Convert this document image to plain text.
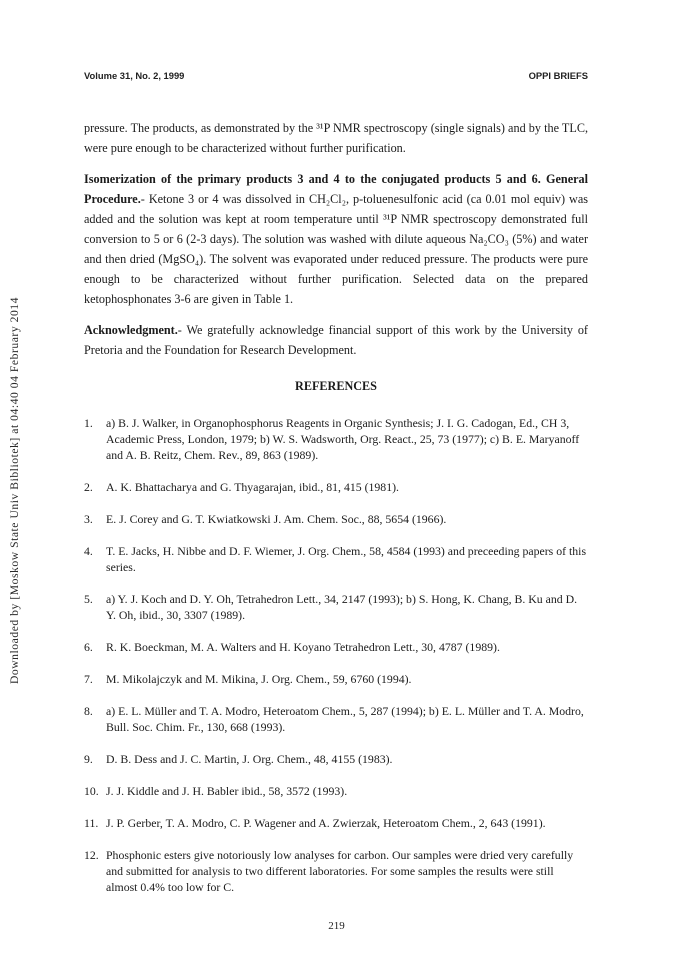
Downloaded by [Moskow State Univ Bibliotek] at 04:40 04 February 2014
Volume 31, No. 2, 1999	OPPI BRIEFS

pressure. The products, as demonstrated by the ³¹P NMR spectroscopy (single signals) and by the TLC, were pure enough to be characterized without further purification.

Isomerization of the primary products 3 and 4 to the conjugated products 5 and 6. General Procedure.- Ketone 3 or 4 was dissolved in CH₂Cl₂, p-toluenesulfonic acid (ca 0.01 mol equiv) was added and the solution was kept at room temperature until ³¹P NMR spectroscopy demonstrated full conversion to 5 or 6 (2-3 days). The solution was washed with dilute aqueous Na₂CO₃ (5%) and water and then dried (MgSO₄). The solvent was evaporated under reduced pressure. The products were pure enough to be characterized without further purification. Selected data on the prepared ketophosphonates 3-6 are given in Table 1.

Acknowledgment.- We gratefully acknowledge financial support of this work by the University of Pretoria and the Foundation for Research Development.

REFERENCES
1. a) B. J. Walker, in Organophosphorus Reagents in Organic Synthesis; J. I. G. Cadogan, Ed., CH 3, Academic Press, London, 1979; b) W. S. Wadsworth, Org. React., 25, 73 (1977); c) B. E. Maryanoff and A. B. Reitz, Chem. Rev., 89, 863 (1989).
2. A. K. Bhattacharya and G. Thyagarajan, ibid., 81, 415 (1981).
3. E. J. Corey and G. T. Kwiatkowski J. Am. Chem. Soc., 88, 5654 (1966).
4. T. E. Jacks, H. Nibbe and D. F. Wiemer, J. Org. Chem., 58, 4584 (1993) and preceeding papers of this series.
5. a) Y. J. Koch and D. Y. Oh, Tetrahedron Lett., 34, 2147 (1993); b) S. Hong, K. Chang, B. Ku and D. Y. Oh, ibid., 30, 3307 (1989).
6. R. K. Boeckman, M. A. Walters and H. Koyano Tetrahedron Lett., 30, 4787 (1989).
7. M. Mikolajczyk and M. Mikina, J. Org. Chem., 59, 6760 (1994).
8. a) E. L. Müller and T. A. Modro, Heteroatom Chem., 5, 287 (1994); b) E. L. Müller and T. A. Modro, Bull. Soc. Chim. Fr., 130, 668 (1993).
9. D. B. Dess and J. C. Martin, J. Org. Chem., 48, 4155 (1983).
10. J. J. Kiddle and J. H. Babler ibid., 58, 3572 (1993).
11. J. P. Gerber, T. A. Modro, C. P. Wagener and A. Zwierzak, Heteroatom Chem., 2, 643 (1991).
12. Phosphonic esters give notoriously low analyses for carbon. Our samples were dried very carefully and submitted for analysis to two different laboratories. For some samples the results were still almost 0.4% too low for C.
219
